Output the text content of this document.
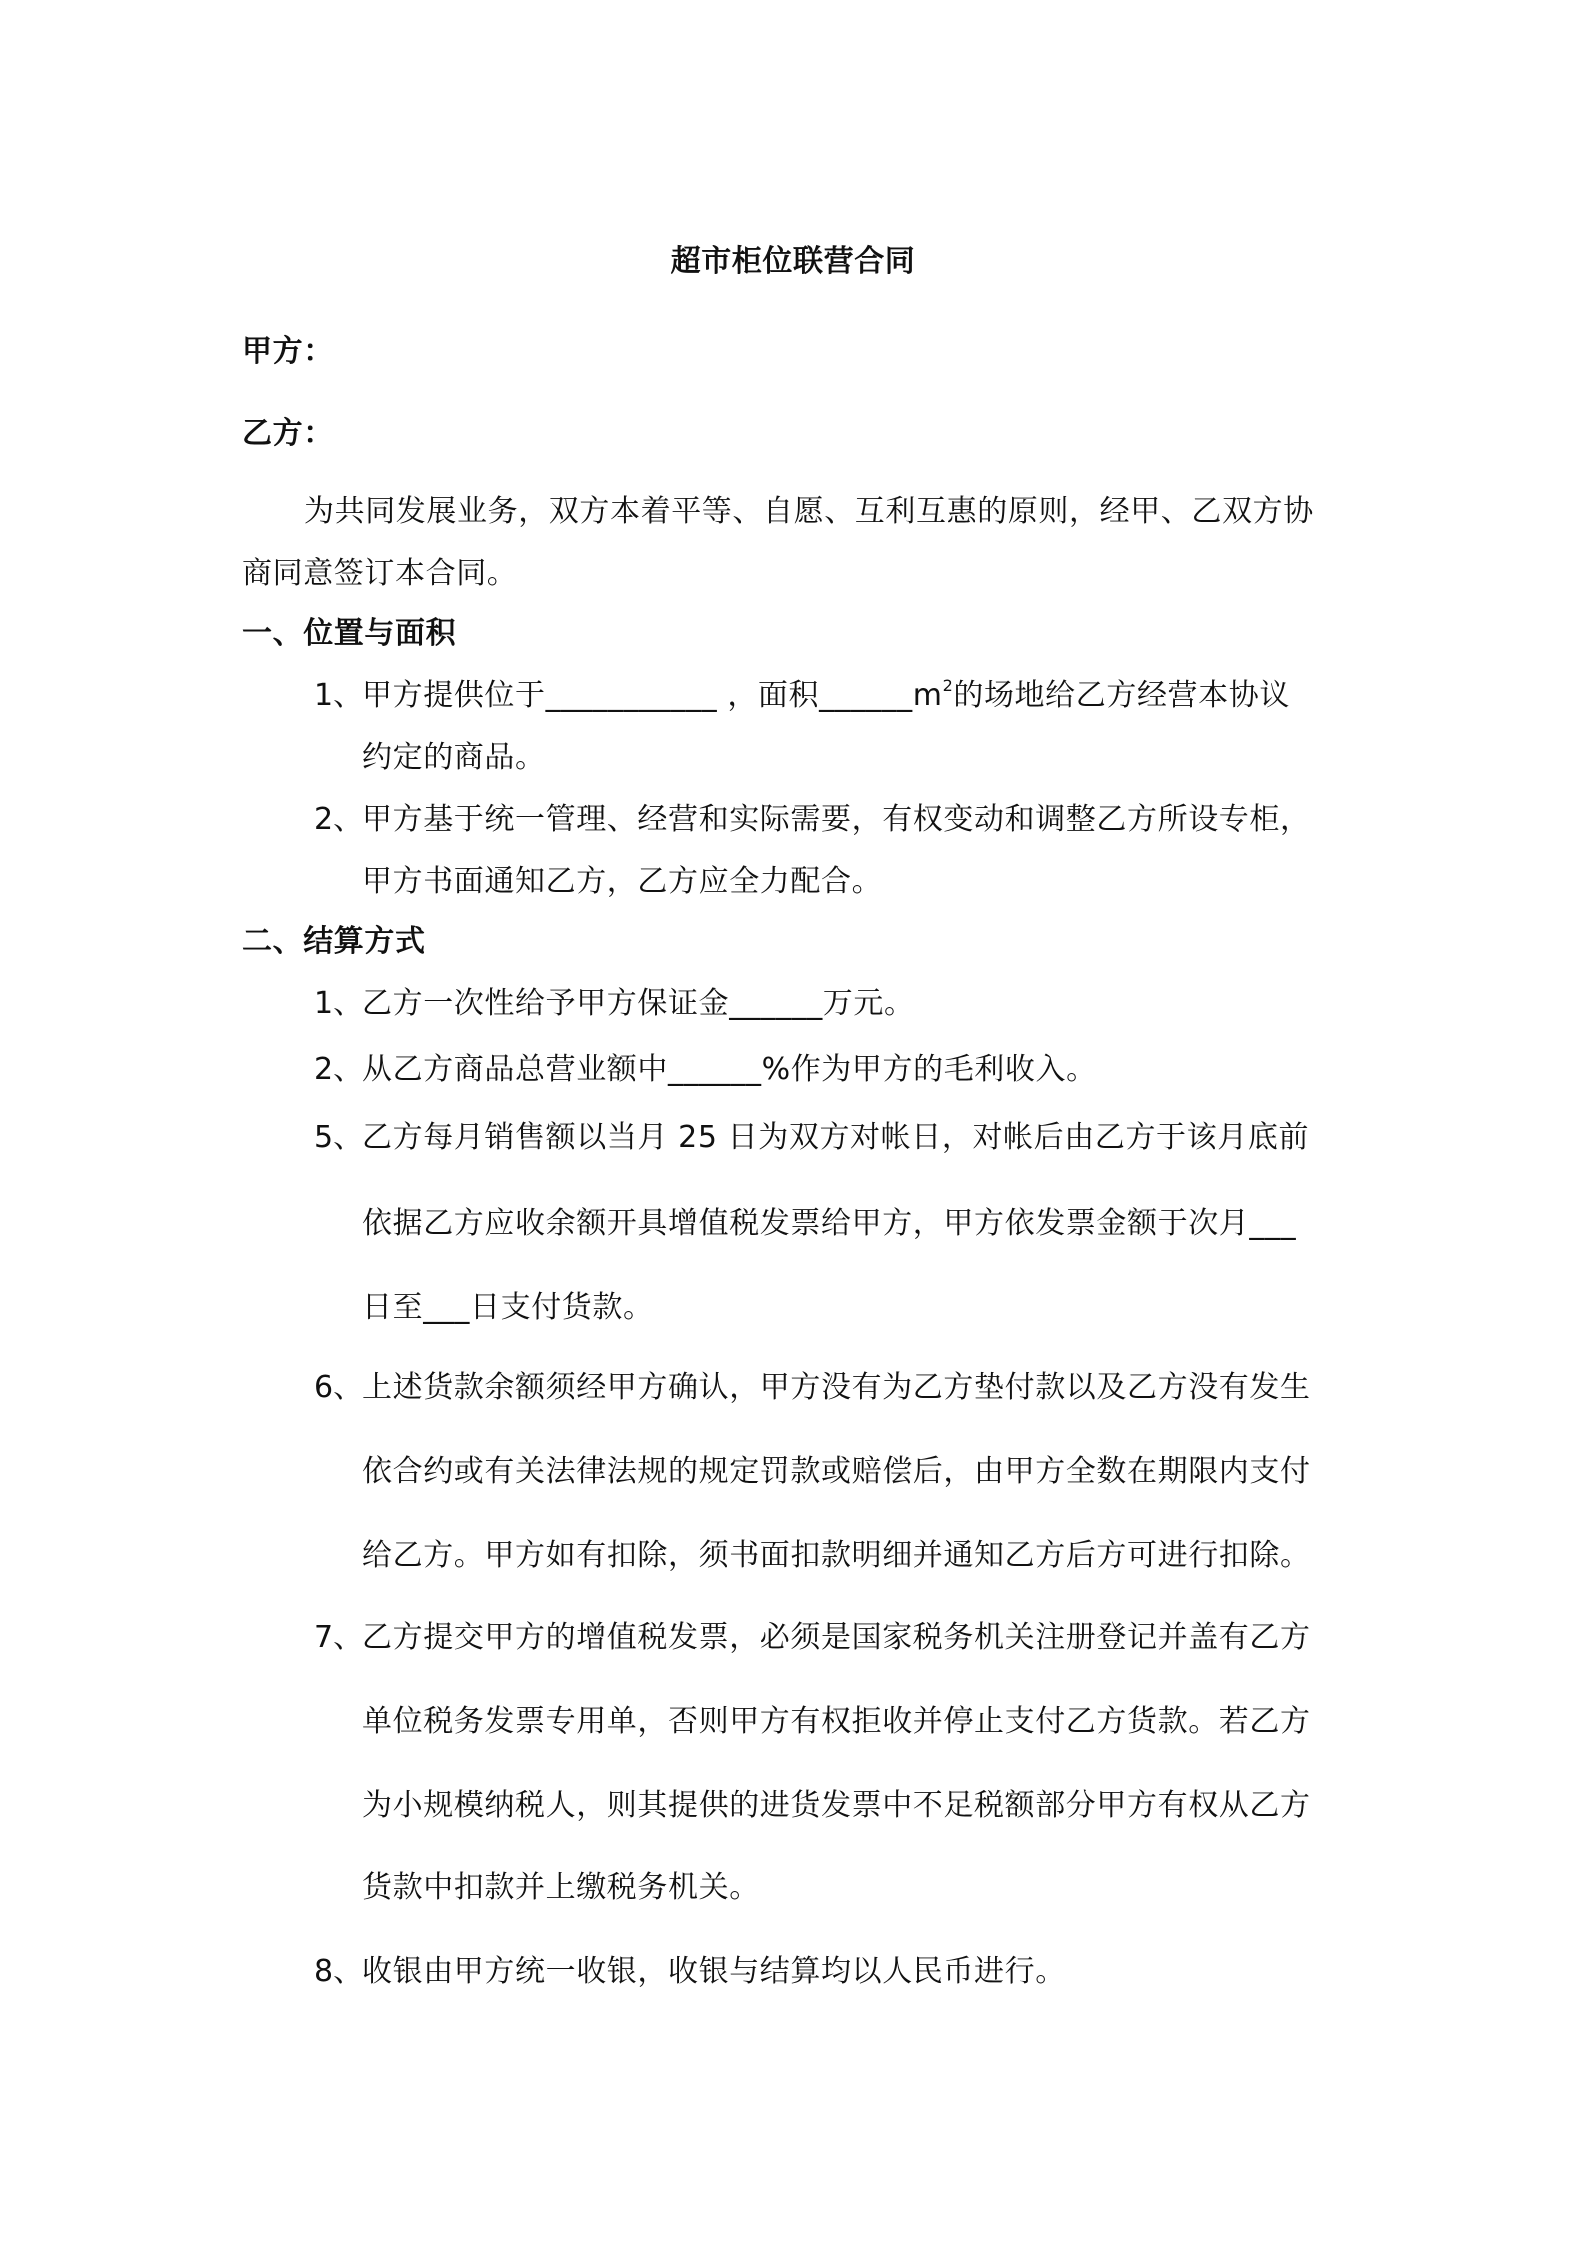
超市柜位联营合同
甲方：
乙方：
为共同发展业务，双方本着平等、自愿、互利互惠的原则，经甲、乙双方协
商同意签订本合同。
一、位置与面积
1、
甲方提供位于___________ ，面积$\_\_\_\_\_\_m^2$的场地给乙方经营本协议
约定的商品。
2、
甲方基于统一管理、经营和实际需要，有权变动和调整乙方所设专柜，
甲方书面通知乙方，乙方应全力配合。
二、结算方式
1、
乙方一次性给予甲方保证金______万元。
2、
从乙方商品总营业额中______%作为甲方的毛利收入。
5、
乙方每月销售额以当月 25 日为双方对帐日，对帐后由乙方于该月底前
依据乙方应收余额开具增值税发票给甲方，甲方依发票金额于次月___
日至___日支付货款。
6、
上述货款余额须经甲方确认，甲方没有为乙方垫付款以及乙方没有发生
依合约或有关法律法规的规定罚款或赔偿后，由甲方全数在期限内支付
给乙方。甲方如有扣除，须书面扣款明细并通知乙方后方可进行扣除。
7、
乙方提交甲方的增值税发票，必须是国家税务机关注册登记并盖有乙方
单位税务发票专用单，否则甲方有权拒收并停止支付乙方货款。若乙方
为小规模纳税人，则其提供的进货发票中不足税额部分甲方有权从乙方
货款中扣款并上缴税务机关。
8、
收银由甲方统一收银，收银与结算均以人民币进行。
